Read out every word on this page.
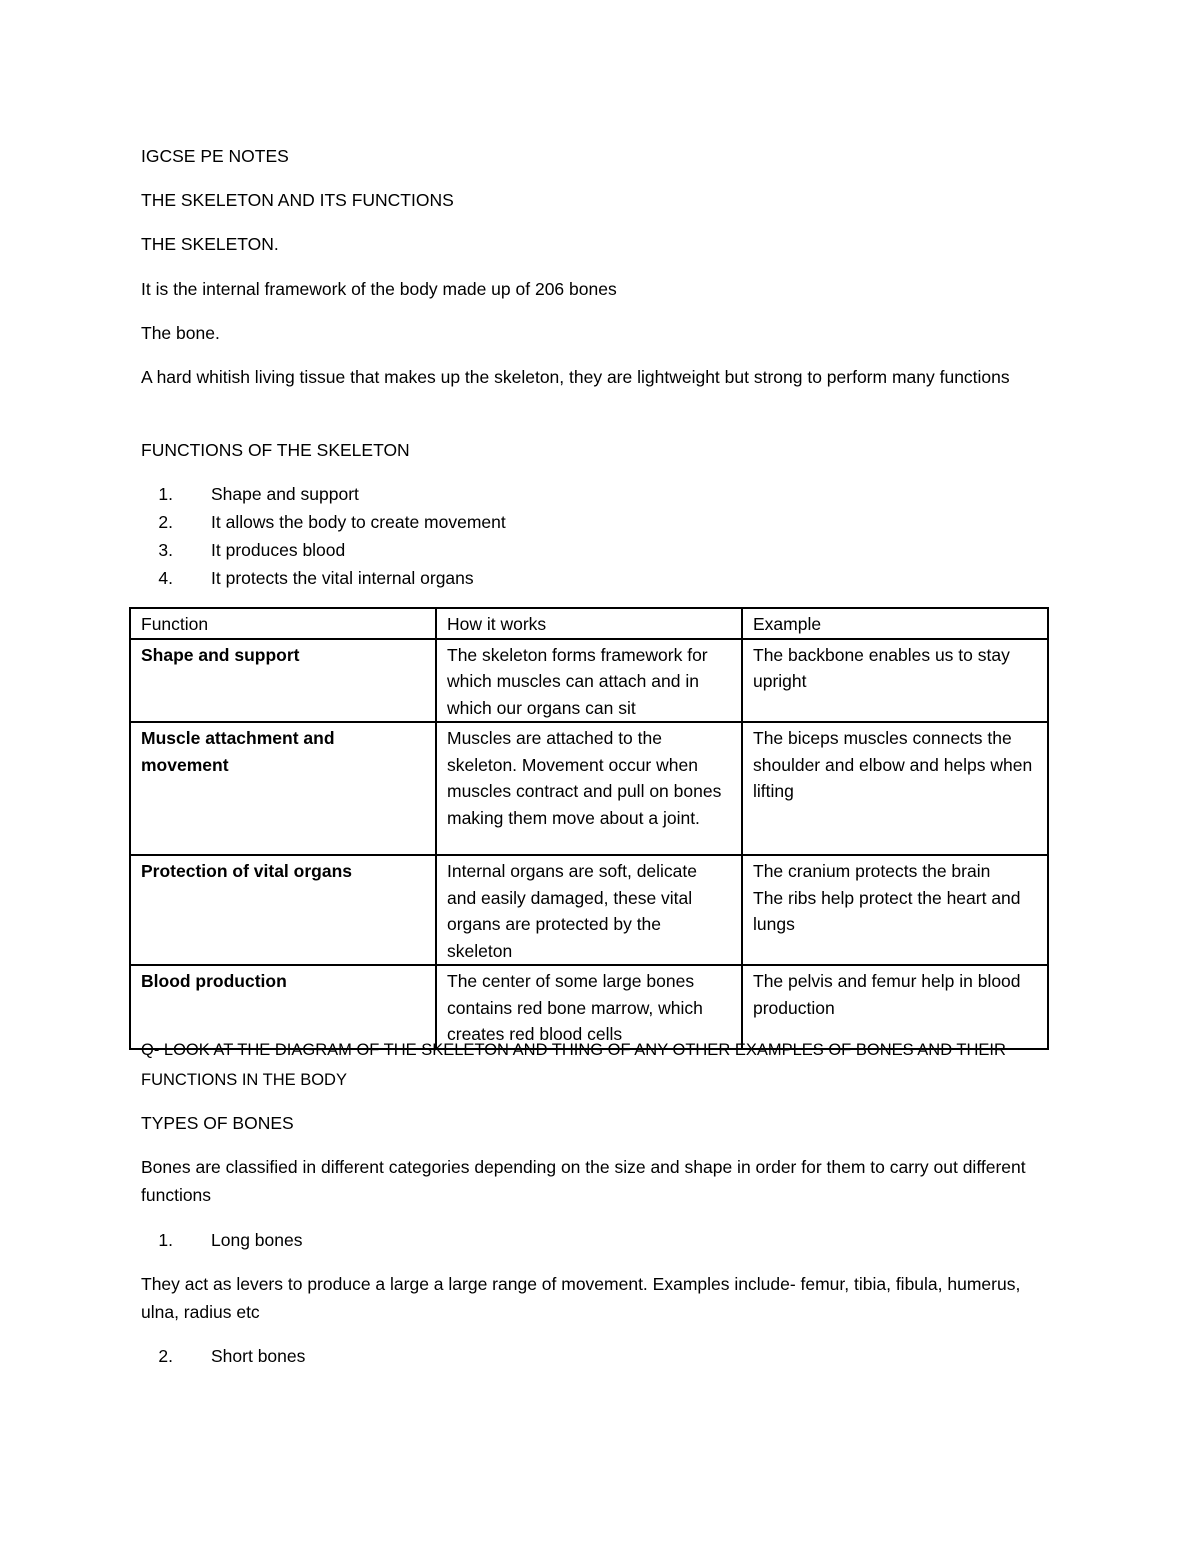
IGCSE PE NOTES
THE SKELETON AND ITS FUNCTIONS
THE SKELETON.
It is the internal framework of the body made up of 206 bones
The bone.
A hard whitish living tissue that makes up the skeleton, they are lightweight but strong to perform many functions
FUNCTIONS OF THE SKELETON
1. Shape and support
2. It allows the body to create movement
3. It produces blood
4. It protects the vital internal organs
Function	How it works	Example
Shape and support	The skeleton forms framework for which muscles can attach and in which our organs can sit	The backbone enables us to stay upright
Muscle attachment and movement	Muscles are attached to the skeleton. Movement occur when muscles contract and pull on bones making them move about a joint.	The biceps muscles connects the shoulder and elbow and helps when lifting
Protection of vital organs	Internal organs are soft, delicate and easily damaged, these vital organs are protected by the skeleton	The cranium protects the brain
The ribs help protect the heart and lungs

Blood production	The center of some large bones contains red bone marrow, which creates red blood cells	The pelvis and femur help in blood production
Q- LOOK AT THE DIAGRAM OF THE SKELETON AND THING OF ANY OTHER EXAMPLES OF BONES AND THEIR FUNCTIONS IN THE BODY
TYPES OF BONES
Bones are classified in different categories depending on the size and shape in order for them to carry out different functions
1. Long bones
They act as levers to produce a large a large range of movement. Examples include- femur, tibia, fibula, humerus, ulna, radius etc
2. Short bones
